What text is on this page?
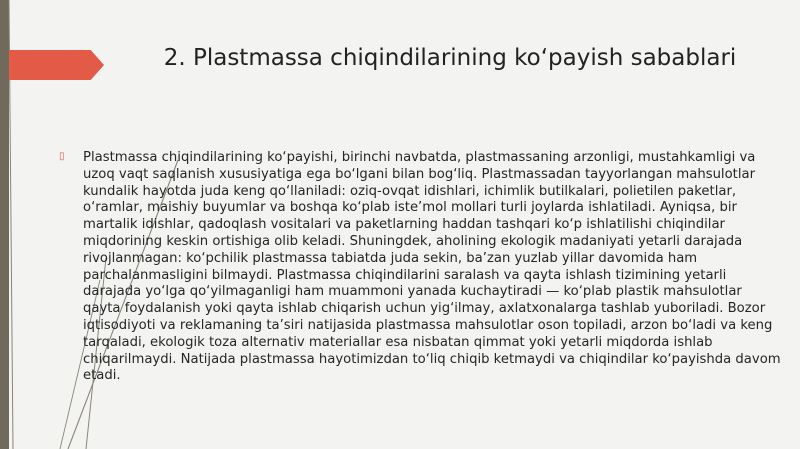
2. Plastmassa chiqindilarining ko‘payish sabablari
▯ Plastmassa chiqindilarining ko‘payishi, birinchi navbatda, plastmassaning arzonligi, mustahkamligi va uzoq vaqt saqlanish xususiyatiga ega bo‘lgani bilan bog‘liq. Plastmassadan tayyorlangan mahsulotlar kundalik hayotda juda keng qo‘llaniladi: oziq-ovqat idishlari, ichimlik butilkalari, polietilen paketlar, o‘ramlar, maishiy buyumlar va boshqa ko‘plab iste’mol mollari turli joylarda ishlatiladi. Ayniqsa, bir martalik idishlar, qadoqlash vositalari va paketlarning haddan tashqari ko‘p ishlatilishi chiqindilar miqdorining keskin ortishiga olib keladi. Shuningdek, aholining ekologik madaniyati yetarli darajada rivojlanmagan: ko‘pchilik plastmassa tabiatda juda sekin, ba’zan yuzlab yillar davomida ham parchalanmasligini bilmaydi. Plastmassa chiqindilarini saralash va qayta ishlash tizimining yetarli darajada yo‘lga qo‘yilmaganligi ham muammoni yanada kuchaytiradi — ko‘plab plastik mahsulotlar qayta foydalanish yoki qayta ishlab chiqarish uchun yig‘ilmay, axlatxonalarga tashlab yuboriladi. Bozor iqtisodiyoti va reklamaning ta’siri natijasida plastmassa mahsulotlar oson topiladi, arzon bo‘ladi va keng tarqaladi, ekologik toza alternativ materiallar esa nisbatan qimmat yoki yetarli miqdorda ishlab chiqarilmaydi. Natijada plastmassa hayotimizdan to‘liq chiqib ketmaydi va chiqindilar ko‘payishda davom etadi.
